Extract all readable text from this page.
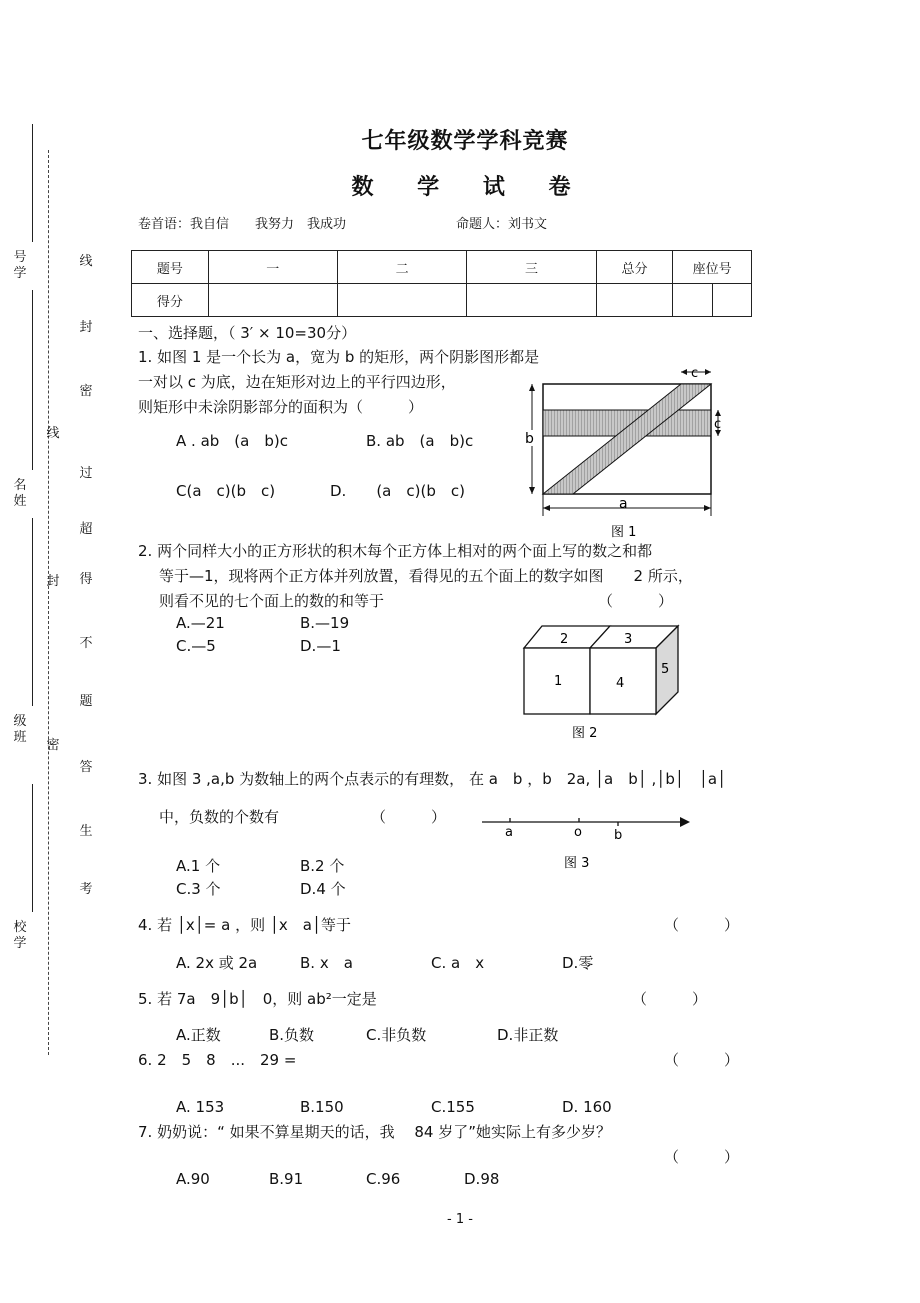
号
学
名
姓
级
班
校
学
线
封
密
线
封
密
过
超
得
不
题
答
生
考
七年级数学学科竞赛
数 学 试 卷
卷首语：我自信　　我努力　我成功	命题人：刘书文
题号	一	二	三	总分	座位号	
得分						
一、选择题，（ 3′ × 10=30分）
1. 如图 1 是一个长为 a，宽为 b 的矩形，两个阴影图形都是
一对以 c 为底，边在矩形对边上的平行四边形，
则矩形中未涂阴影部分的面积为（　　　）
A . ab　(a　b)c	B. ab　(a　b)c
C(a　c)(b　c)	D.　　(a　c)(b　c)
c
c
b
a
图 1
2. 两个同样大小的正方形状的积木每个正方体上相对的两个面上写的数之和都
等于—1，现将两个正方体并列放置，看得见的五个面上的数字如图　　2 所示，
则看不见的七个面上的数的和等于	（　　　）
A.—21	B.—19
C.—5	D.—1	2	3
1	4
5
图 2
3. 如图 3 ,a,b 为数轴上的两个点表示的有理数， 在 a　b ，b　2a, │a　b│ ,│b│　│a│
中，负数的个数有	（　　　）
A.1 个	B.2 个
C.3 个	D.4 个
a	o b
图 3
4. 若 │x│= a ，则 │x　a│等于	（　　　）
A. 2x 或 2a	B. x　a	C. a　x	D.零
5. 若 7a　9│b│　0，则 ab²一定是	（　　　）
A.正数	B.负数	C.非负数	D.非正数
6. 2　5　8　...　29 =	（　　　）
A. 153	B.150	C.155	D. 160
7. 奶奶说：“ 如果不算星期天的话，我　 84 岁了”她实际上有多少岁？
（　　　）
A.90	B.91	C.96	D.98
- 1 -
